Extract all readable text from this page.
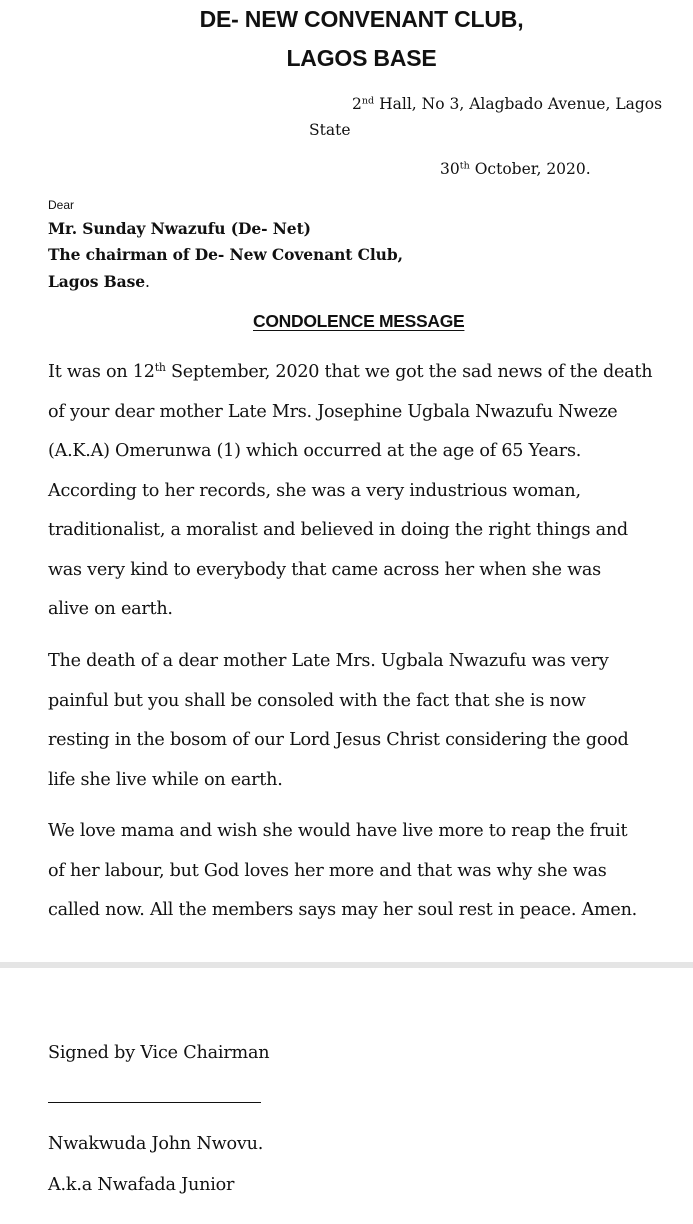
DE- NEW CONVENANT CLUB,
LAGOS BASE
2nd Hall, No 3, Alagbado Avenue, Lagos
State
30th October, 2020.
Dear
Mr. Sunday Nwazufu (De- Net)
The chairman of De- New Covenant Club,
Lagos Base.
CONDOLENCE MESSAGE
It was on 12th September, 2020 that we got the sad news of the death
of your dear mother Late Mrs. Josephine Ugbala Nwazufu Nweze
(A.K.A) Omerunwa (1) which occurred at the age of 65 Years.
According to her records, she was a very industrious woman,
traditionalist, a moralist and believed in doing the right things and
was very kind to everybody that came across her when she was
alive on earth.
The death of a dear mother Late Mrs. Ugbala Nwazufu was very
painful but you shall be consoled with the fact that she is now
resting in the bosom of our Lord Jesus Christ considering the good
life she live while on earth.
We love mama and wish she would have live more to reap the fruit
of her labour, but God loves her more and that was why she was
called now. All the members says may her soul rest in peace. Amen.
Signed by Vice Chairman
Nwakwuda John Nwovu.
A.k.a Nwafada Junior
